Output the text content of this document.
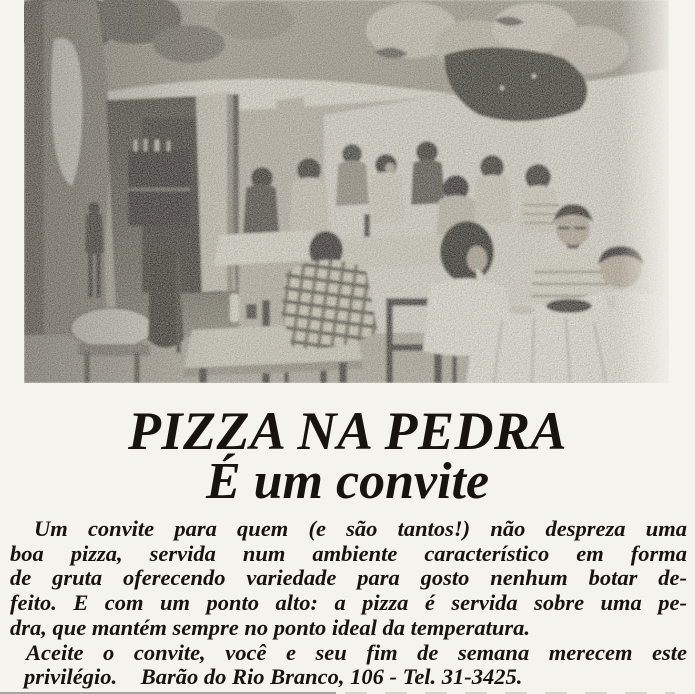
PIZZA NA PEDRA
É um convite
Um convite para quem (e são tantos!) não despreza uma
boa pizza, servida num ambiente característico em forma
de gruta oferecendo variedade para gosto nenhum botar de-
feito. E com um ponto alto: a pizza é servida sobre uma pe-
dra, que mantém sempre no ponto ideal da temperatura.
Aceite o convite, você e seu fim de semana merecem este
privilégio. Barão do Rio Branco, 106 - Tel. 31-3425.
